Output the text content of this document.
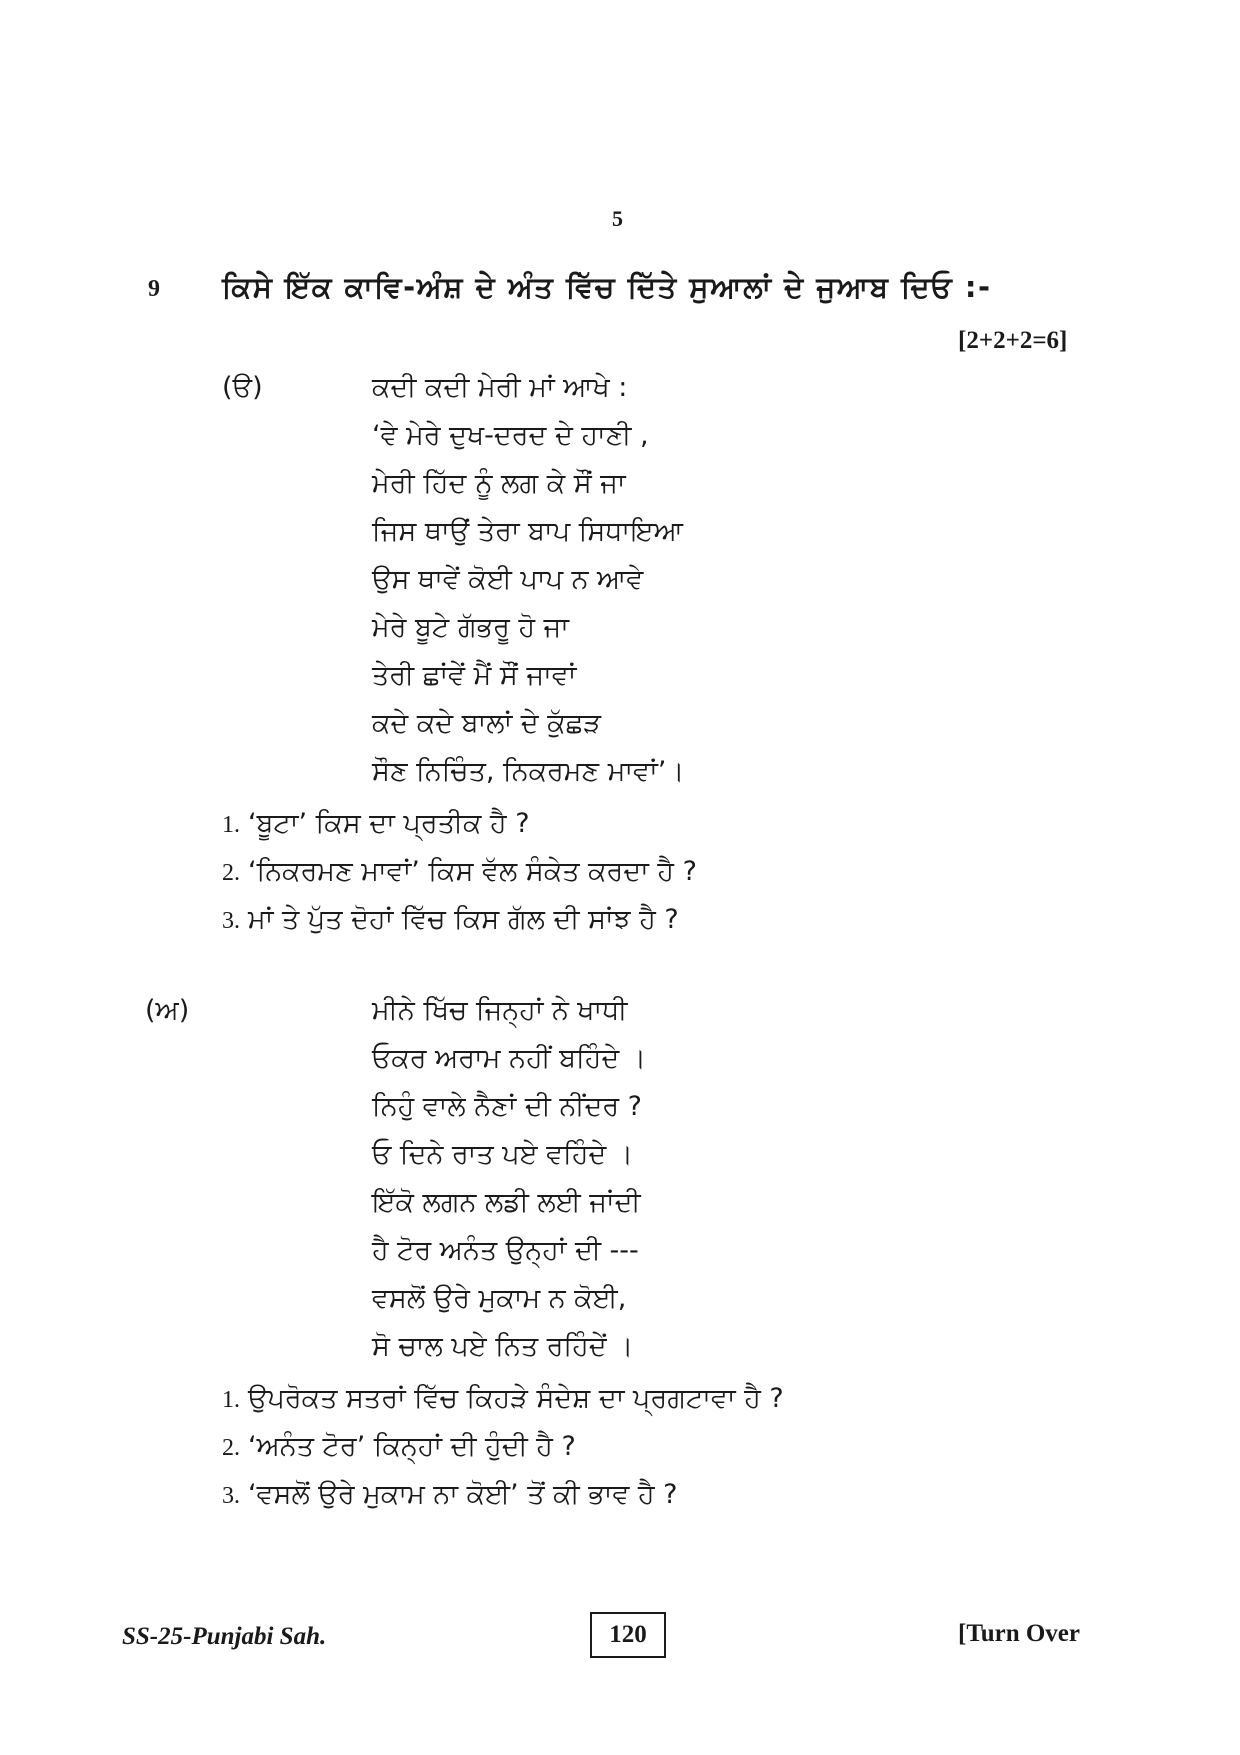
5
9 ਕਿਸੇ ਇੱਕ ਕਾਵਿ-ਅੰਸ਼ ਦੇ ਅੰਤ ਵਿੱਚ ਦਿੱਤੇ ਸੁਆਲਾਂ ਦੇ ਜੁਆਬ ਦਿਓ :-
[2+2+2=6]
(ੳ)	ਕਦੀ ਕਦੀ ਮੇਰੀ ਮਾਂ ਆਖੇ :
‘ਵੇ ਮੇਰੇ ਦੁਖ-ਦਰਦ ਦੇ ਹਾਣੀ ,
ਮੇਰੀ ਹਿੱਦ ਨੂੰ ਲਗ ਕੇ ਸੌਂ ਜਾ
ਜਿਸ ਥਾਉਂ ਤੇਰਾ ਬਾਪ ਸਿਧਾਇਆ
ਉਸ ਥਾਵੇਂ ਕੋਈ ਪਾਪ ਨ ਆਵੇ
ਮੇਰੇ ਬੂਟੇ ਗੱਭਰੂ ਹੋ ਜਾ
ਤੇਰੀ ਛਾਂਵੇਂ ਮੈਂ ਸੌਂ ਜਾਵਾਂ
ਕਦੇ ਕਦੇ ਬਾਲਾਂ ਦੇ ਕੁੱਛੜ
ਸੌਣ ਨਿਚਿੰਤ, ਨਿਕਰਮਣ ਮਾਵਾਂ’।
1. ‘ਬੂਟਾ’ ਕਿਸ ਦਾ ਪ੍ਰਤੀਕ ਹੈ ?
2. ‘ਨਿਕਰਮਣ ਮਾਵਾਂ’ ਕਿਸ ਵੱਲ ਸੰਕੇਤ ਕਰਦਾ ਹੈ ?
3. ਮਾਂ ਤੇ ਪੁੱਤ ਦੋਹਾਂ ਵਿੱਚ ਕਿਸ ਗੱਲ ਦੀ ਸਾਂਝ ਹੈ ?
(ਅ)	ਮੀਨੇ ਖਿੱਚ ਜਿਨ੍ਹਾਂ ਨੇ ਖਾਧੀ
ਓਕਰ ਅਰਾਮ ਨਹੀਂ ਬਹਿੰਦੇ ।
ਨਿਹੁੰ ਵਾਲੇ ਨੈਣਾਂ ਦੀ ਨੀਂਦਰ ?
ਓ ਦਿਨੇ ਰਾਤ ਪਏ ਵਹਿੰਦੇ ।
ਇੱਕੋ ਲਗਨ ਲਡੀ ਲਈ ਜਾਂਦੀ
ਹੈ ਟੋਰ ਅਨੰਤ ਉਨ੍ਹਾਂ ਦੀ ---
ਵਸਲੋਂ ਉਰੇ ਮੁਕਾਮ ਨ ਕੋਈ,
ਸੋ ਚਾਲ ਪਏ ਨਿਤ ਰਹਿੰਦੇਂ ।
1. ਉਪਰੋਕਤ ਸਤਰਾਂ ਵਿੱਚ ਕਿਹੜੇ ਸੰਦੇਸ਼ ਦਾ ਪ੍ਰਗਟਾਵਾ ਹੈ ?
2. ‘ਅਨੰਤ ਟੋਰ’ ਕਿਨ੍ਹਾਂ ਦੀ ਹੁੰਦੀ ਹੈ ?
3. ‘ਵਸਲੋਂ ਉਰੇ ਮੁਕਾਮ ਨਾ ਕੋਈ’ ਤੋਂ ਕੀ ਭਾਵ ਹੈ ?
SS-25-Punjabi Sah.	120	[Turn Over
